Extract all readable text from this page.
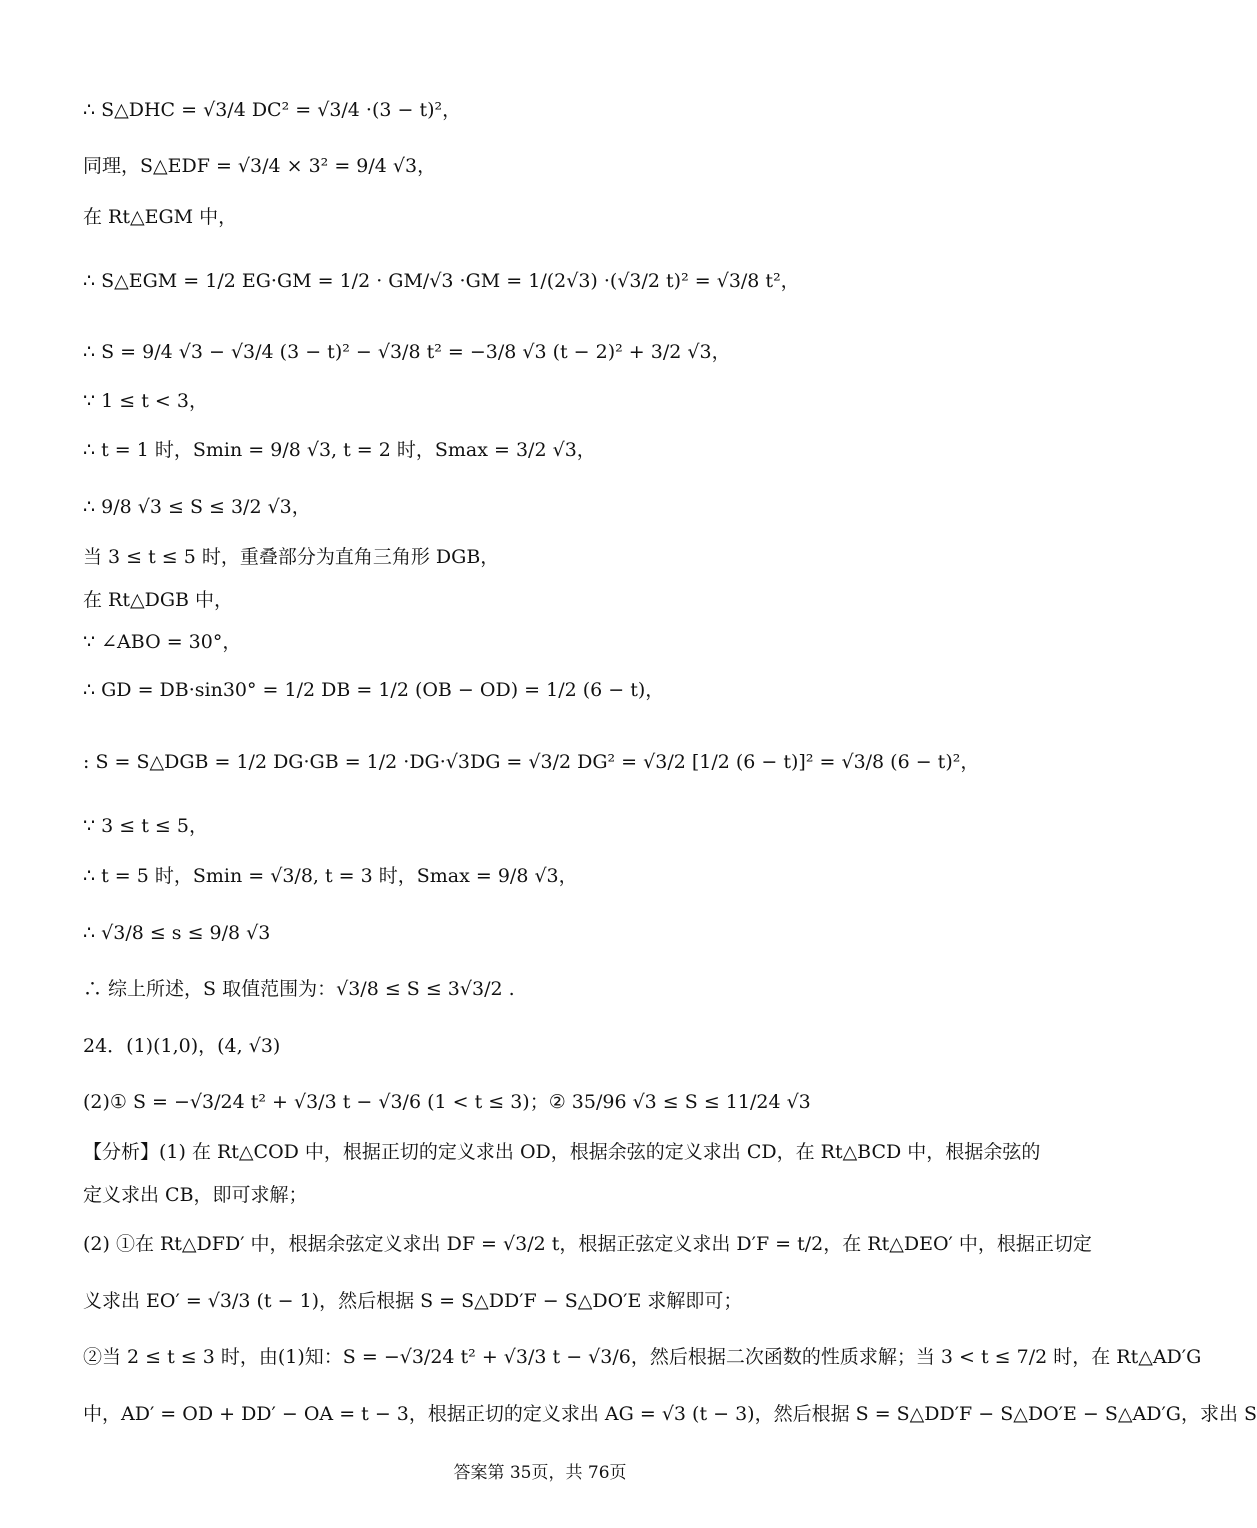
∴ S△DHC = √3/4 DC² = √3/4 ·(3 − t)²，
同理，S△EDF = √3/4 × 3² = 9/4 √3，
在 Rt△EGM 中，
∴ S△EGM = 1/2 EG·GM = 1/2 · GM/√3 ·GM = 1/(2√3) ·(√3/2 t)² = √3/8 t²，
∴ S = 9/4 √3 − √3/4 (3 − t)² − √3/8 t² = −3/8 √3 (t − 2)² + 3/2 √3，
∵ 1 ≤ t < 3，
∴ t = 1 时，Smin = 9/8 √3, t = 2 时，Smax = 3/2 √3，
∴ 9/8 √3 ≤ S ≤ 3/2 √3，
当 3 ≤ t ≤ 5 时，重叠部分为直角三角形 DGB，
在 Rt△DGB 中，
∵ ∠ABO = 30°，
∴ GD = DB·sin30° = 1/2 DB = 1/2 (OB − OD) = 1/2 (6 − t)，
: S = S△DGB = 1/2 DG·GB = 1/2 ·DG·√3DG = √3/2 DG² = √3/2 [1/2 (6 − t)]² = √3/8 (6 − t)²，
∵ 3 ≤ t ≤ 5，
∴ t = 5 时，Smin = √3/8, t = 3 时，Smax = 9/8 √3，
∴ √3/8 ≤ s ≤ 9/8 √3
∴ 综上所述，S 取值范围为：√3/8 ≤ S ≤ 3√3/2 .
24．(1)(1,0)，(4, √3)
(2)① S = −√3/24 t² + √3/3 t − √3/6 (1 < t ≤ 3)；② 35/96 √3 ≤ S ≤ 11/24 √3
【分析】(1) 在 Rt△COD 中，根据正切的定义求出 OD，根据余弦的定义求出 CD，在 Rt△BCD 中，根据余弦的
定义求出 CB，即可求解；
(2) ①在 Rt△DFD′ 中，根据余弦定义求出 DF = √3/2 t，根据正弦定义求出 D′F = t/2，在 Rt△DEO′ 中，根据正切定
义求出 EO′ = √3/3 (t − 1)，然后根据 S = S△DD′F − S△DO′E 求解即可；
②当 2 ≤ t ≤ 3 时，由(1)知：S = −√3/24 t² + √3/3 t − √3/6，然后根据二次函数的性质求解；当 3 < t ≤ 7/2 时，在 Rt△AD′G
中，AD′ = OD + DD′ − OA = t − 3，根据正切的定义求出 AG = √3 (t − 3)，然后根据 S = S△DD′F − S△DO′E − S△AD′G，求出 S
答案第 35页，共 76页
